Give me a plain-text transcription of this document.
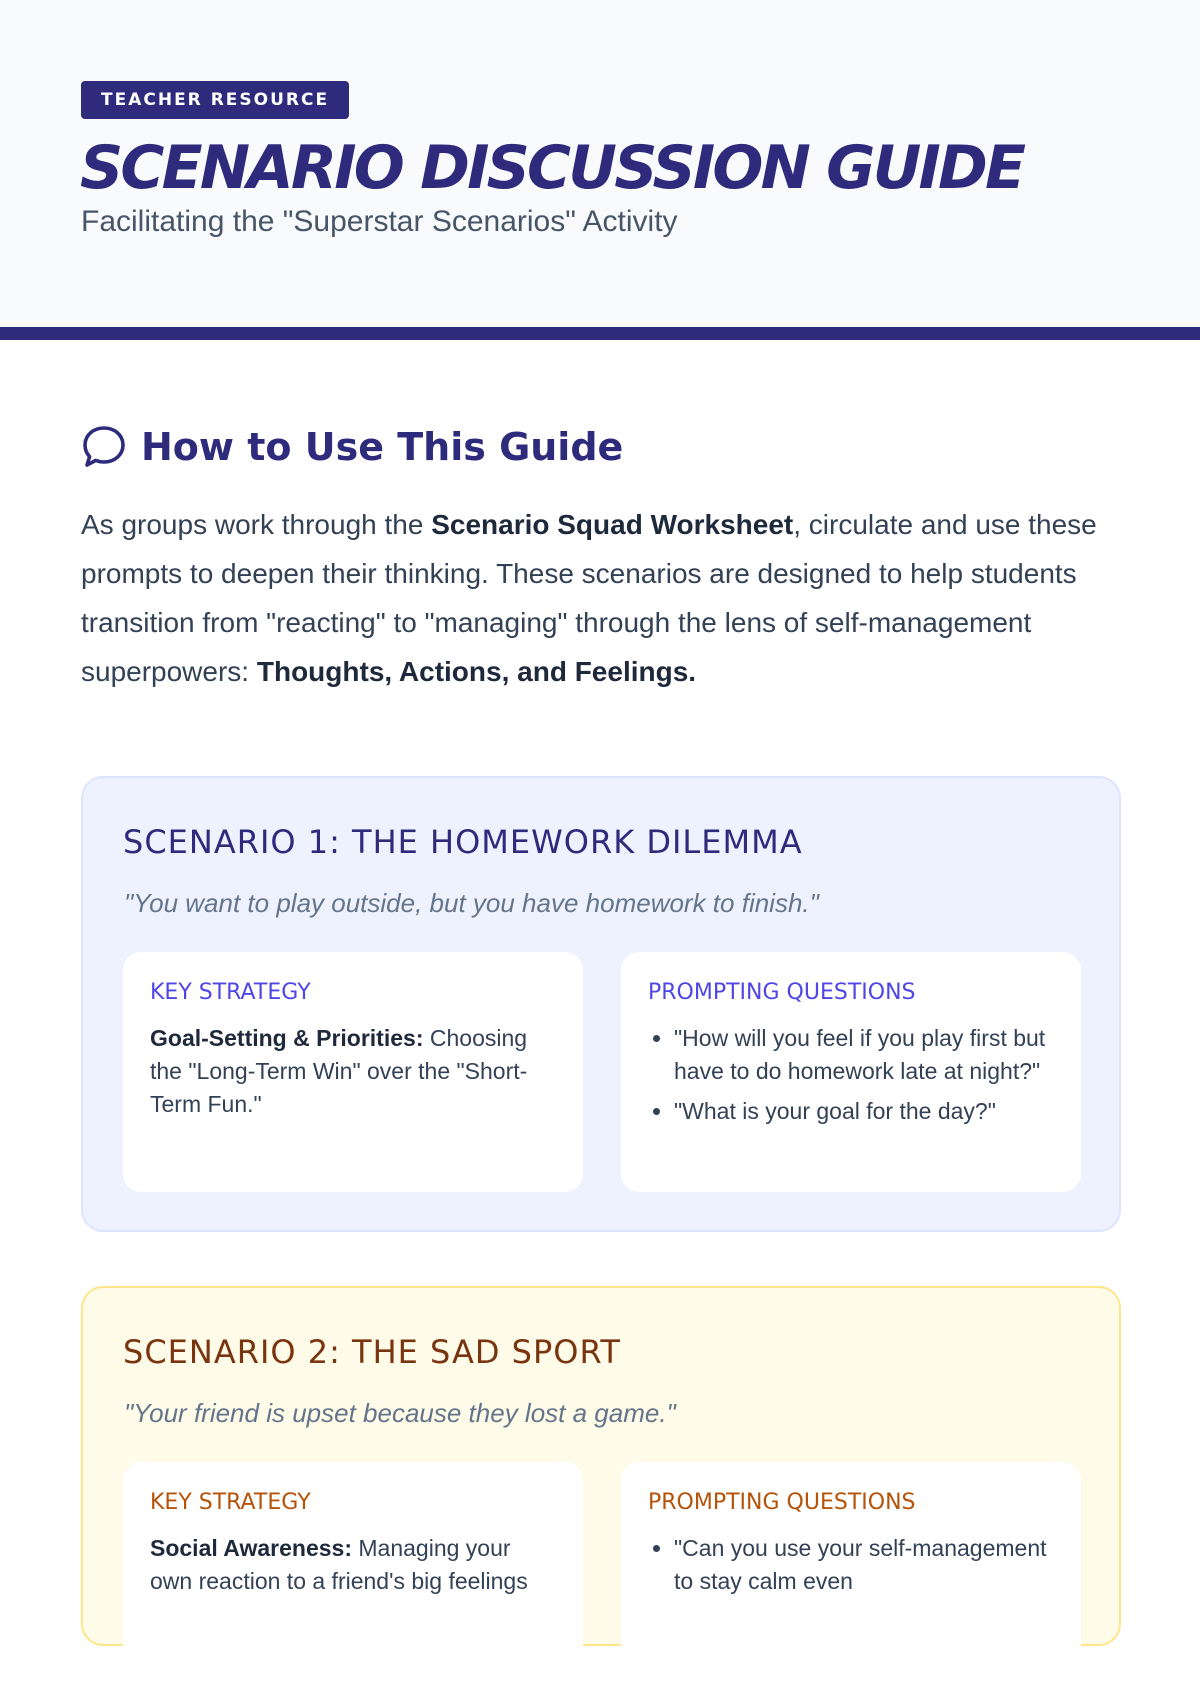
TEACHER RESOURCE
SCENARIO DISCUSSION GUIDE
Facilitating the "Superstar Scenarios" Activity
How to Use This Guide

As groups work through the Scenario Squad Worksheet, circulate and use these prompts to deepen their thinking. These scenarios are designed to help students transition from "reacting" to "managing" through the lens of self-management superpowers: Thoughts, Actions, and Feelings.

SCENARIO 1: THE HOMEWORK DILEMMA
"You want to play outside, but you have homework to finish."
KEY STRATEGY

Goal-Setting & Priorities: Choosing the "Long-Term Win" over the "Short-Term Fun."

PROMPTING QUESTIONS
• "How will you feel if you play first but have to do homework late at night?"
• "What is your goal for the day?"
SCENARIO 2: THE SAD SPORT
"Your friend is upset because they lost a game."
KEY STRATEGY

Social Awareness: Managing your own reaction to a friend's big feelings

PROMPTING QUESTIONS
• "Can you use your self-management to stay calm even
